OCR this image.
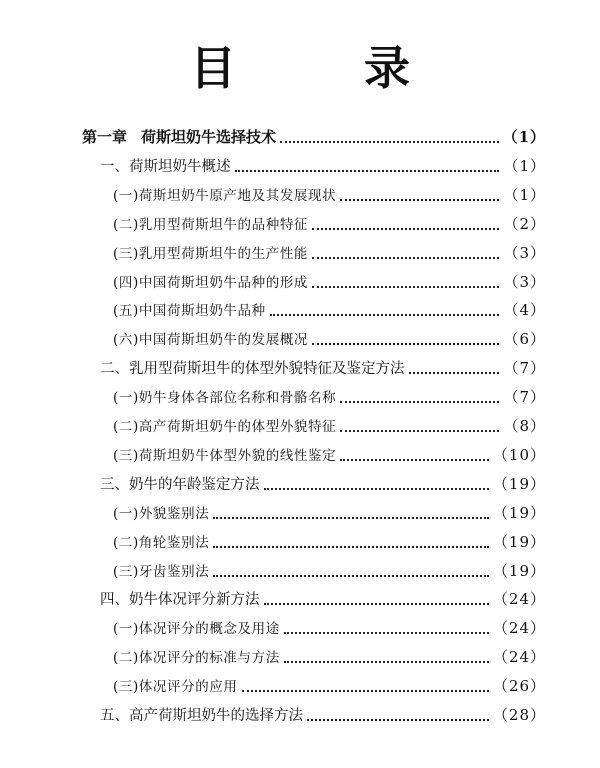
目 录
第一章 荷斯坦奶牛选择技术	（1）
一、荷斯坦奶牛概述	（1）
(一)荷斯坦奶牛原产地及其发展现状	（1）
(二)乳用型荷斯坦牛的品种特征	（2）
(三)乳用型荷斯坦牛的生产性能	（3）
(四)中国荷斯坦奶牛品种的形成	（3）
(五)中国荷斯坦奶牛品种	（4）
(六)中国荷斯坦奶牛的发展概况	（6）
二、乳用型荷斯坦牛的体型外貌特征及鉴定方法	（7）
(一)奶牛身体各部位名称和骨骼名称	（7）
(二)高产荷斯坦奶牛的体型外貌特征	（8）
(三)荷斯坦奶牛体型外貌的线性鉴定	（10）
三、奶牛的年龄鉴定方法	（19）
(一)外貌鉴别法	（19）
(二)角轮鉴别法	（19）
(三)牙齿鉴别法	（19）
四、奶牛体况评分新方法	（24）
(一)体况评分的概念及用途	（24）
(二)体况评分的标准与方法	（24）
(三)体况评分的应用	（26）
五、高产荷斯坦奶牛的选择方法	（28）
